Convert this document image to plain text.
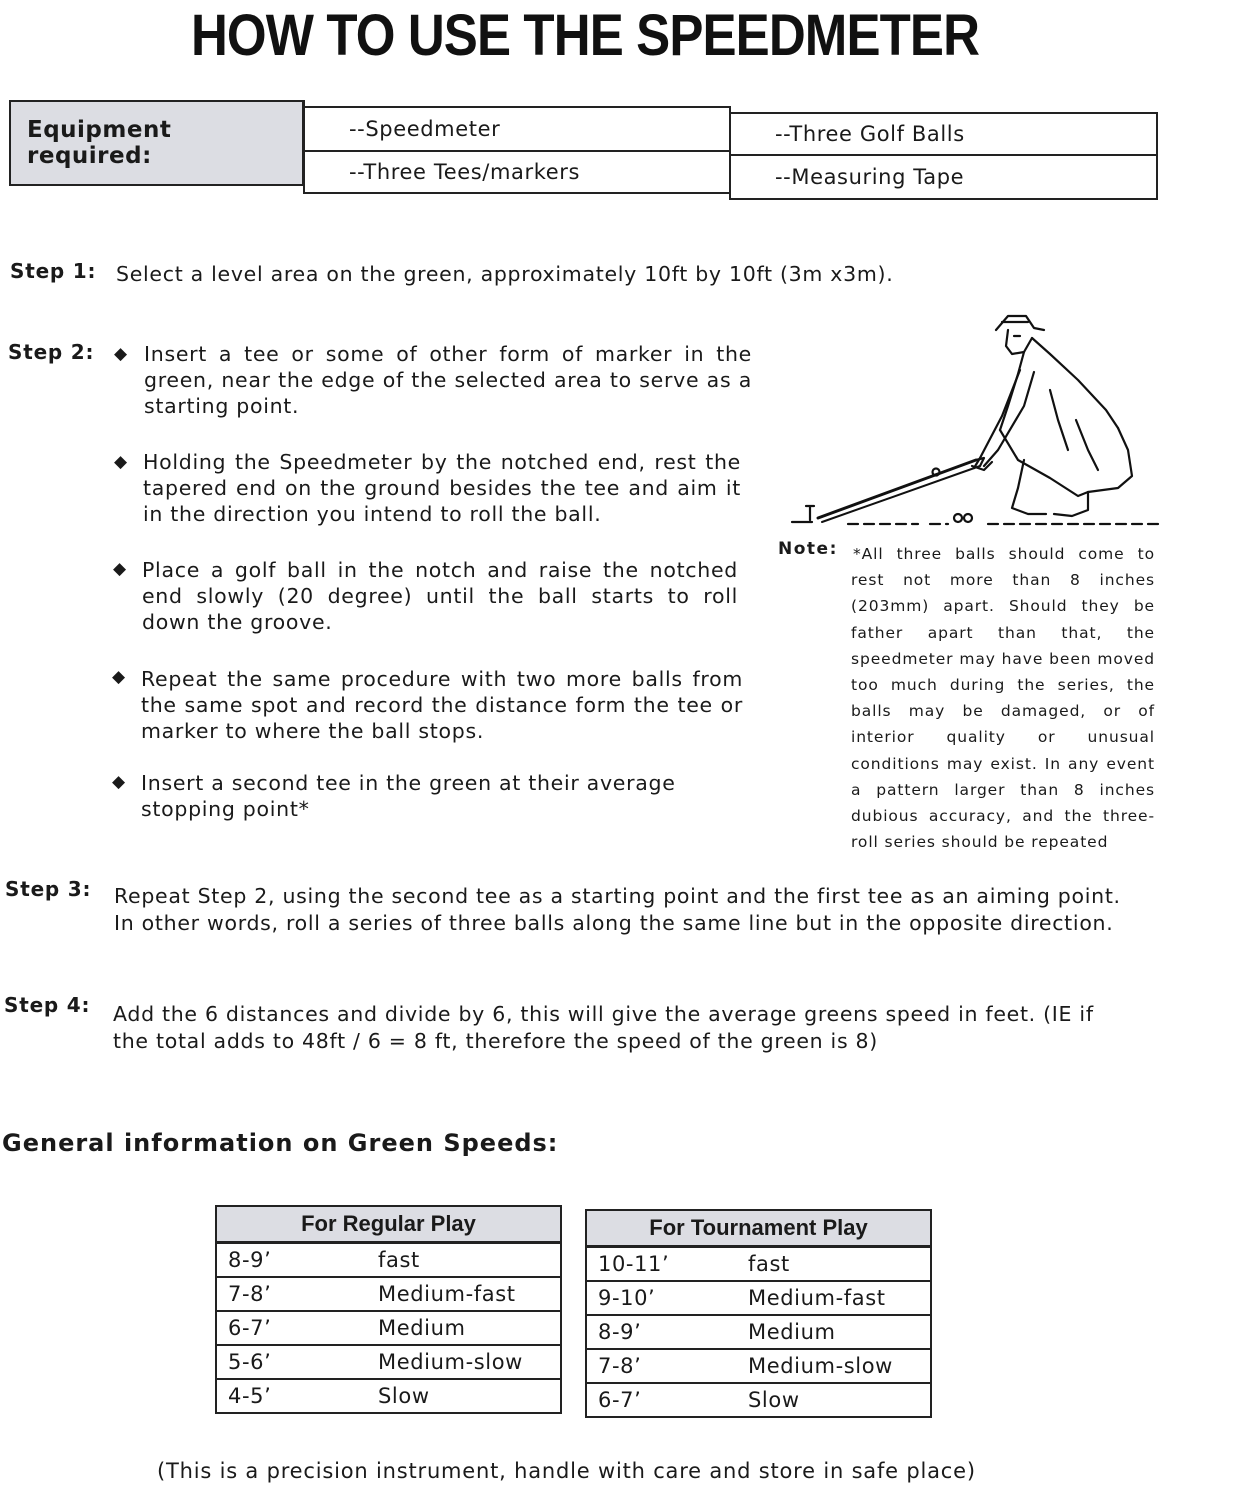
HOW TO USE THE SPEEDMETER
Equipment required:
--Speedmeter	--Three Golf Balls
--Three Tees/markers	--Measuring Tape
Step 1: Select a level area on the green, approximately 10ft by 10ft (3m x3m).
Step 2: ◆ Insert a tee or some of other form of marker in the green, near the edge of the selected area to serve as a starting point.
◆ Holding the Speedmeter by the notched end, rest the tapered end on the ground besides the tee and aim it in the direction you intend to roll the ball.
◆ Place a golf ball in the notch and raise the notched end slowly (20 degree) until the ball starts to roll down the groove.
◆ Repeat the same procedure with two more balls from the same spot and record the distance form the tee or marker to where the ball stops.
◆ Insert a second tee in the green at their average stopping point*
Note: *All three balls should come to rest not more than 8 inches (203mm) apart. Should they be father apart than that, the speedmeter may have been moved too much during the series, the balls may be damaged, or of interior quality or unusual conditions may exist. In any event a pattern larger than 8 inches dubious accuracy, and the three-roll series should be repeated
Step 3: Repeat Step 2, using the second tee as a starting point and the first tee as an aiming point. In other words, roll a series of three balls along the same line but in the opposite direction.
Step 4: Add the 6 distances and divide by 6, this will give the average greens speed in feet. (IE if the total adds to 48ft / 6 = 8 ft, therefore the speed of the green is 8)
General information on Green Speeds:
For Regular Play	
8-9’	fast
7-8’	Medium-fast
6-7’	Medium
5-6’	Medium-slow
4-5’	Slow
For Tournament Play	
10-11’	fast
9-10’	Medium-fast
8-9’	Medium
7-8’	Medium-slow
6-7’	Slow
(This is a precision instrument, handle with care and store in safe place)
